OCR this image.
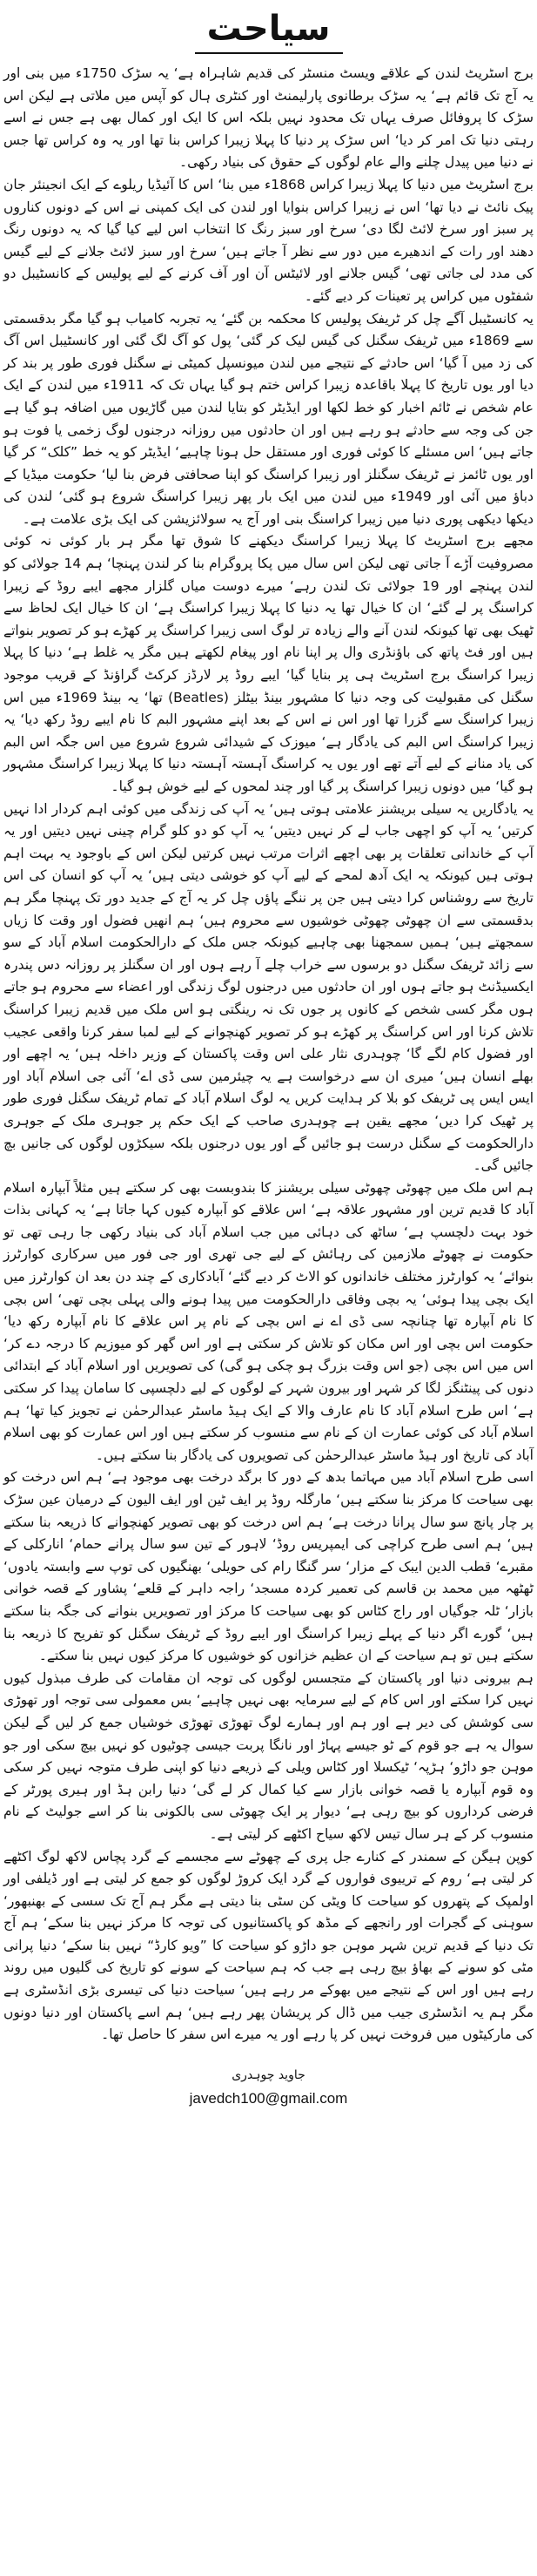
سیاحت

برج اسٹریٹ لندن کے علاقے ویسٹ منسٹر کی قدیم شاہراہ ہے‘ یہ سڑک 1750ء میں بنی اور یہ آج تک قائم ہے‘ یہ سڑک برطانوی پارلیمنٹ اور کنٹری ہال کو آپس میں ملاتی ہے لیکن اس سڑک کا پروفائل صرف یہاں تک محدود نہیں بلکہ اس کا ایک اور کمال بھی ہے جس نے اسے رہتی دنیا تک امر کر دیا‘ اس سڑک پر دنیا کا پہلا زیبرا کراس بنا تھا اور یہ وہ کراس تھا جس نے دنیا میں پیدل چلنے والے عام لوگوں کے حقوق کی بنیاد رکھی۔

برج اسٹریٹ میں دنیا کا پہلا زیبرا کراس 1868ء میں بنا‘ اس کا آئیڈیا ریلوے کے ایک انجینئر جان پیک نائٹ نے دیا تھا‘ اس نے زیبرا کراس بنوایا اور لندن کی ایک کمپنی نے اس کے دونوں کناروں پر سبز اور سرخ لائٹ لگا دی‘ سرخ اور سبز رنگ کا انتخاب اس لیے کیا گیا کہ یہ دونوں رنگ دھند اور رات کے اندھیرے میں دور سے نظر آ جاتے ہیں‘ سرخ اور سبز لائٹ جلانے کے لیے گیس کی مدد لی جاتی تھی‘ گیس جلانے اور لائیٹس آن اور آف کرنے کے لیے پولیس کے کانسٹیبل دو شفٹوں میں کراس پر تعینات کر دیے گئے۔

یہ کانسٹیبل آگے چل کر ٹریفک پولیس کا محکمہ بن گئے‘ یہ تجربہ کامیاب ہو گیا مگر بدقسمتی سے 1869ء میں ٹریفک سگنل کی گیس لیک کر گئی‘ پول کو آگ لگ گئی اور کانسٹیبل اس آگ کی زد میں آ گیا‘ اس حادثے کے نتیجے میں لندن میونسپل کمیٹی نے سگنل فوری طور پر بند کر دیا اور یوں تاریخ کا پہلا باقاعدہ زیبرا کراس ختم ہو گیا یہاں تک کہ 1911ء میں لندن کے ایک عام شخص نے ٹائم اخبار کو خط لکھا اور ایڈیٹر کو بتایا لندن میں گاڑیوں میں اضافہ ہو گیا ہے جن کی وجہ سے حادثے ہو رہے ہیں اور ان حادثوں میں روزانہ درجنوں لوگ زخمی یا فوت ہو جاتے ہیں‘ اس مسئلے کا کوئی فوری اور مستقل حل ہونا چاہیے‘ ایڈیٹر کو یہ خط ”کلک“ کر گیا اور یوں ٹائمز نے ٹریفک سگنلز اور زیبرا کراسنگ کو اپنا صحافتی فرض بنا لیا‘ حکومت میڈیا کے دباؤ میں آئی اور 1949ء میں لندن میں ایک بار پھر زیبرا کراسنگ شروع ہو گئی‘ لندن کی دیکھا دیکھی پوری دنیا میں زیبرا کراسنگ بنی اور آج یہ سولائزیشن کی ایک بڑی علامت ہے۔

مجھے برج اسٹریٹ کا پہلا زیبرا کراسنگ دیکھنے کا شوق تھا مگر ہر بار کوئی نہ کوئی مصروفیت آڑے آ جاتی تھی لیکن اس سال میں پکا پروگرام بنا کر لندن پہنچا‘ ہم 14 جولائی کو لندن پہنچے اور 19 جولائی تک لندن رہے‘ میرے دوست میاں گلزار مجھے ایبے روڈ کے زیبرا کراسنگ پر لے گئے‘ ان کا خیال تھا یہ دنیا کا پہلا زیبرا کراسنگ ہے‘ ان کا خیال ایک لحاظ سے ٹھیک بھی تھا کیونکہ لندن آنے والے زیادہ تر لوگ اسی زیبرا کراسنگ پر کھڑے ہو کر تصویر بنواتے ہیں اور فٹ پاتھ کی باؤنڈری وال پر اپنا نام اور پیغام لکھتے ہیں مگر یہ غلط ہے‘ دنیا کا پہلا زیبرا کراسنگ برج اسٹریٹ ہی پر بنایا گیا‘ ایبے روڈ پر لارڈز کرکٹ گراؤنڈ کے قریب موجود سگنل کی مقبولیت کی وجہ دنیا کا مشہور بینڈ بیٹلز (Beatles) تھا‘ یہ بینڈ 1969ء میں اس زیبرا کراسنگ سے گزرا تھا اور اس نے اس کے بعد اپنے مشہور البم کا نام ایبے روڈ رکھ دیا‘ یہ زیبرا کراسنگ اس البم کی یادگار ہے‘ میوزک کے شیدائی شروع شروع میں اس جگہ اس البم کی یاد منانے کے لیے آتے تھے اور یوں یہ کراسنگ آہستہ آہستہ دنیا کا پہلا زیبرا کراسنگ مشہور ہو گیا‘ میں دونوں زیبرا کراسنگ پر گیا اور چند لمحوں کے لیے خوش ہو گیا۔

یہ یادگاریں یہ سیلی بریشنز علامتی ہوتی ہیں‘ یہ آپ کی زندگی میں کوئی اہم کردار ادا نہیں کرتیں‘ یہ آپ کو اچھی جاب لے کر نہیں دیتیں‘ یہ آپ کو دو کلو گرام چینی نہیں دیتیں اور یہ آپ کے خاندانی تعلقات پر بھی اچھے اثرات مرتب نہیں کرتیں لیکن اس کے باوجود یہ بہت اہم ہوتی ہیں کیونکہ یہ ایک آدھ لمحے کے لیے آپ کو خوشی دیتی ہیں‘ یہ آپ کو انسان کی اس تاریخ سے روشناس کرا دیتی ہیں جن پر ننگے پاؤں چل کر یہ آج کے جدید دور تک پہنچا مگر ہم بدقسمتی سے ان چھوٹی چھوٹی خوشیوں سے محروم ہیں‘ ہم انھیں فضول اور وقت کا زیاں سمجھتے ہیں‘ ہمیں سمجھنا بھی چاہیے کیونکہ جس ملک کے دارالحکومت اسلام آباد کے سو سے زائد ٹریفک سگنل دو برسوں سے خراب چلے آ رہے ہوں اور ان سگنلز پر روزانہ دس پندرہ ایکسیڈنٹ ہو جاتے ہوں اور ان حادثوں میں درجنوں لوگ زندگی اور اعضاء سے محروم ہو جاتے ہوں مگر کسی شخص کے کانوں پر جوں تک نہ رینگتی ہو اس ملک میں قدیم زیبرا کراسنگ تلاش کرنا اور اس کراسنگ پر کھڑے ہو کر تصویر کھنچوانے کے لیے لمبا سفر کرنا واقعی عجیب اور فضول کام لگے گا‘ چوہدری نثار علی اس وقت پاکستان کے وزیر داخلہ ہیں‘ یہ اچھے اور بھلے انسان ہیں‘ میری ان سے درخواست ہے یہ چیئرمین سی ڈی اے‘ آئی جی اسلام آباد اور ایس ایس پی ٹریفک کو بلا کر ہدایت کریں یہ لوگ اسلام آباد کے تمام ٹریفک سگنل فوری طور پر ٹھیک کرا دیں‘ مجھے یقین ہے چوہدری صاحب کے ایک حکم پر جوہری ملک کے جوہری دارالحکومت کے سگنل درست ہو جائیں گے اور یوں درجنوں بلکہ سیکڑوں لوگوں کی جانیں بچ جائیں گی۔

ہم اس ملک میں چھوٹی چھوٹی سیلی بریشنز کا بندوبست بھی کر سکتے ہیں مثلاً آبپارہ اسلام آباد کا قدیم ترین اور مشہور علاقہ ہے‘ اس علاقے کو آبپارہ کیوں کہا جاتا ہے‘ یہ کہانی بذات خود بہت دلچسپ ہے‘ ساٹھ کی دہائی میں جب اسلام آباد کی بنیاد رکھی جا رہی تھی تو حکومت نے چھوٹے ملازمین کی رہائش کے لیے جی تھری اور جی فور میں سرکاری کوارٹرز بنوائے‘ یہ کوارٹرز مختلف خاندانوں کو الاٹ کر دیے گئے‘ آبادکاری کے چند دن بعد ان کوارٹرز میں ایک بچی پیدا ہوئی‘ یہ بچی وفاقی دارالحکومت میں پیدا ہونے والی پہلی بچی تھی‘ اس بچی کا نام آبپارہ تھا چنانچہ سی ڈی اے نے اس بچی کے نام پر اس علاقے کا نام آبپارہ رکھ دیا‘ حکومت اس بچی اور اس مکان کو تلاش کر سکتی ہے اور اس گھر کو میوزیم کا درجہ دے کر‘ اس میں اس بچی (جو اس وقت بزرگ ہو چکی ہو گی) کی تصویریں اور اسلام آباد کے ابتدائی دنوں کی پینٹنگز لگا کر شہر اور بیرون شہر کے لوگوں کے لیے دلچسپی کا سامان پیدا کر سکتی ہے‘ اس طرح اسلام آباد کا نام عارف والا کے ایک ہیڈ ماسٹر عبدالرحمٰن نے تجویز کیا تھا‘ ہم اسلام آباد کی کوئی عمارت ان کے نام سے منسوب کر سکتے ہیں اور اس عمارت کو بھی اسلام آباد کی تاریخ اور ہیڈ ماسٹر عبدالرحمٰن کی تصویروں کی یادگار بنا سکتے ہیں۔

اسی طرح اسلام آباد میں مہاتما بدھ کے دور کا برگد درخت بھی موجود ہے‘ ہم اس درخت کو بھی سیاحت کا مرکز بنا سکتے ہیں‘ مارگلہ روڈ پر ایف ٹین اور ایف الیون کے درمیان عین سڑک پر چار پانچ سو سال پرانا درخت ہے‘ ہم اس درخت کو بھی تصویر کھنچوانے کا ذریعہ بنا سکتے ہیں‘ ہم اسی طرح کراچی کی ایمپریس روڈ‘ لاہور کے تین سو سال پرانے حمام‘ انارکلی کے مقبرے‘ قطب الدین ایبک کے مزار‘ سر گنگا رام کی حویلی‘ بھنگیوں کی توپ سے وابستہ یادوں‘ ٹھٹھہ میں محمد بن قاسم کی تعمیر کردہ مسجد‘ راجہ داہر کے قلعے‘ پشاور کے قصہ خوانی بازار‘ ٹلہ جوگیاں اور راج کٹاس کو بھی سیاحت کا مرکز اور تصویریں بنوانے کی جگہ بنا سکتے ہیں‘ گورے اگر دنیا کے پہلے زیبرا کراسنگ اور ایبے روڈ کے ٹریفک سگنل کو تفریح کا ذریعہ بنا سکتے ہیں تو ہم سیاحت کے ان عظیم خزانوں کو خوشیوں کا مرکز کیوں نہیں بنا سکتے۔

ہم بیرونی دنیا اور پاکستان کے متجسس لوگوں کی توجہ ان مقامات کی طرف مبذول کیوں نہیں کرا سکتے اور اس کام کے لیے سرمایہ بھی نہیں چاہیے‘ بس معمولی سی توجہ اور تھوڑی سی کوشش کی دیر ہے اور ہم اور ہمارے لوگ تھوڑی تھوڑی خوشیاں جمع کر لیں گے لیکن سوال یہ ہے جو قوم کے ٹو جیسے پہاڑ اور نانگا پربت جیسی چوٹیوں کو نہیں بیچ سکی اور جو موہن جو داڑو‘ ہڑپہ‘ ٹیکسلا اور کٹاس ویلی کے ذریعے دنیا کو اپنی طرف متوجہ نہیں کر سکی وہ قوم آبپارہ یا قصہ خوانی بازار سے کیا کمال کر لے گی‘ دنیا رابن ہڈ اور ہیری پورٹر کے فرضی کرداروں کو بیچ رہی ہے‘ دیوار پر ایک چھوٹی سی بالکونی بنا کر اسے جولیٹ کے نام منسوب کر کے ہر سال تیس لاکھ سیاح اکٹھے کر لیتی ہے۔

کوپن ہیگن کے سمندر کے کنارے جل پری کے چھوٹے سے مجسمے کے گرد پچاس لاکھ لوگ اکٹھے کر لیتی ہے‘ روم کے ترییوی فواروں کے گرد ایک کروڑ لوگوں کو جمع کر لیتی ہے اور ڈیلفی اور اولمپک کے پتھروں کو سیاحت کا ویٹی کن سٹی بنا دیتی ہے مگر ہم آج تک سسی کے بھنبھور‘ سوہنی کے گجرات اور رانجھے کے مڈھ کو پاکستانیوں کی توجہ کا مرکز نہیں بنا سکے‘ ہم آج تک دنیا کے قدیم ترین شہر موہن جو داڑو کو سیاحت کا ”ویو کارڈ“ نہیں بنا سکے‘ دنیا پرانی مٹی کو سونے کے بھاؤ بیچ رہی ہے جب کہ ہم سیاحت کے سونے کو تاریخ کی گلیوں میں روند رہے ہیں اور اس کے نتیجے میں بھوکے مر رہے ہیں‘ سیاحت دنیا کی تیسری بڑی انڈسٹری ہے مگر ہم یہ انڈسٹری جیب میں ڈال کر پریشان پھر رہے ہیں‘ ہم اسے پاکستان اور دنیا دونوں کی مارکیٹوں میں فروخت نہیں کر پا رہے اور یہ میرے اس سفر کا حاصل تھا۔

جاوید چوہدری
javedch100@gmail.com
